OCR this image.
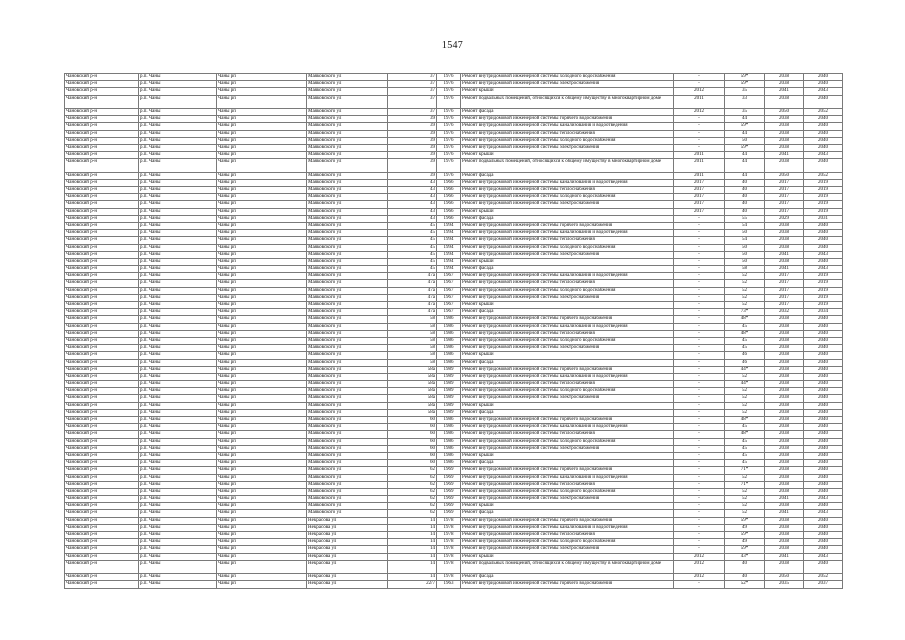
1547
Чановский р-н	р.п. Чаны	Чаны рп	Маяковского ул	37	1976	Ремонт внутридомовой инженерной системы холодного водоснабжения	-	59*	2038	2040
Чановский р-н	р.п. Чаны	Чаны рп	Маяковского ул	37	1976	Ремонт внутридомовой инженерной системы электроснабжения	-	59*	2038	2040
Чановский р-н	р.п. Чаны	Чаны рп	Маяковского ул	37	1976	Ремонт крыши	2012	35	2041	2043
Чановский р-н	р.п. Чаны	Чаны рп	Маяковского ул	37	1976	Ремонт подвальных помещений, относящихся к общему имуществу в многоквартирном доме	2011	33	2038	2040
Чановский р-н	р.п. Чаны	Чаны рп	Маяковского ул	37	1976	Ремонт фасада	2012	35	2050	2052
Чановский р-н	р.п. Чаны	Чаны рп	Маяковского ул	39	1976	Ремонт внутридомовой инженерной системы горячего водоснабжения	-	44	2038	2040
Чановский р-н	р.п. Чаны	Чаны рп	Маяковского ул	39	1976	Ремонт внутридомовой инженерной системы канализования и водоотведения	-	59*	2038	2040
Чановский р-н	р.п. Чаны	Чаны рп	Маяковского ул	39	1976	Ремонт внутридомовой инженерной системы теплоснабжения	-	44	2038	2040
Чановский р-н	р.п. Чаны	Чаны рп	Маяковского ул	39	1976	Ремонт внутридомовой инженерной системы холодного водоснабжения	-	50	2038	2040
Чановский р-н	р.п. Чаны	Чаны рп	Маяковского ул	39	1976	Ремонт внутридомовой инженерной системы электроснабжения	-	59*	2038	2040
Чановский р-н	р.п. Чаны	Чаны рп	Маяковского ул	39	1976	Ремонт крыши	2011	44	2041	2043
Чановский р-н	р.п. Чаны	Чаны рп	Маяковского ул	39	1976	Ремонт подвальных помещений, относящихся к общему имуществу в многоквартирном доме	2011	44	2038	2040
Чановский р-н	р.п. Чаны	Чаны рп	Маяковского ул	39	1976	Ремонт фасада	2011	44	2050	2052
Чановский р-н	р.п. Чаны	Чаны рп	Маяковского ул	43	1966	Ремонт внутридомовой инженерной системы канализования и водоотведения	2017	40	2017	2019
Чановский р-н	р.п. Чаны	Чаны рп	Маяковского ул	43	1966	Ремонт внутридомовой инженерной системы теплоснабжения	2017	40	2017	2019
Чановский р-н	р.п. Чаны	Чаны рп	Маяковского ул	43	1966	Ремонт внутридомовой инженерной системы холодного водоснабжения	2017	40	2017	2019
Чановский р-н	р.п. Чаны	Чаны рп	Маяковского ул	43	1966	Ремонт внутридомовой инженерной системы электроснабжения	2017	40	2017	2019
Чановский р-н	р.п. Чаны	Чаны рп	Маяковского ул	43	1966	Ремонт крыши	2017	40	2017	2019
Чановский р-н	р.п. Чаны	Чаны рп	Маяковского ул	43	1966	Ремонт фасада	-	55	2029	2031
Чановский р-н	р.п. Чаны	Чаны рп	Маяковского ул	45	1994	Ремонт внутридомовой инженерной системы горячего водоснабжения	-	54	2038	2040
Чановский р-н	р.п. Чаны	Чаны рп	Маяковского ул	45	1994	Ремонт внутридомовой инженерной системы канализования и водоотведения	-	50	2038	2040
Чановский р-н	р.п. Чаны	Чаны рп	Маяковского ул	45	1994	Ремонт внутридомовой инженерной системы теплоснабжения	-	54	2038	2040
Чановский р-н	р.п. Чаны	Чаны рп	Маяковского ул	45	1994	Ремонт внутридомовой инженерной системы холодного водоснабжения	-	50	2038	2040
Чановский р-н	р.п. Чаны	Чаны рп	Маяковского ул	45	1994	Ремонт внутридомовой инженерной системы электроснабжения	-	50	2041	2043
Чановский р-н	р.п. Чаны	Чаны рп	Маяковского ул	45	1994	Ремонт крыши	-	50	2038	2040
Чановский р-н	р.п. Чаны	Чаны рп	Маяковского ул	45	1994	Ремонт фасада	-	58	2041	2043
Чановский р-н	р.п. Чаны	Чаны рп	Маяковского ул	47а	1967	Ремонт внутридомовой инженерной системы канализования и водоотведения	-	52	2017	2019
Чановский р-н	р.п. Чаны	Чаны рп	Маяковского ул	47а	1967	Ремонт внутридомовой инженерной системы теплоснабжения	-	52	2017	2019
Чановский р-н	р.п. Чаны	Чаны рп	Маяковского ул	47а	1967	Ремонт внутридомовой инженерной системы холодного водоснабжения	-	52	2017	2019
Чановский р-н	р.п. Чаны	Чаны рп	Маяковского ул	47а	1967	Ремонт внутридомовой инженерной системы электроснабжения	-	52	2017	2019
Чановский р-н	р.п. Чаны	Чаны рп	Маяковского ул	47а	1967	Ремонт крыши	-	52	2017	2019
Чановский р-н	р.п. Чаны	Чаны рп	Маяковского ул	47а	1967	Ремонт фасада	-	73*	2032	2034
Чановский р-н	р.п. Чаны	Чаны рп	Маяковского ул	58	1986	Ремонт внутридомовой инженерной системы горячего водоснабжения	-	48*	2038	2040
Чановский р-н	р.п. Чаны	Чаны рп	Маяковского ул	58	1986	Ремонт внутридомовой инженерной системы канализования и водоотведения	-	45	2038	2040
Чановский р-н	р.п. Чаны	Чаны рп	Маяковского ул	58	1986	Ремонт внутридомовой инженерной системы теплоснабжения	-	48*	2038	2040
Чановский р-н	р.п. Чаны	Чаны рп	Маяковского ул	58	1986	Ремонт внутридомовой инженерной системы холодного водоснабжения	-	45	2038	2040
Чановский р-н	р.п. Чаны	Чаны рп	Маяковского ул	58	1986	Ремонт внутридомовой инженерной системы электроснабжения	-	45	2038	2040
Чановский р-н	р.п. Чаны	Чаны рп	Маяковского ул	58	1986	Ремонт крыши	-	46	2038	2040
Чановский р-н	р.п. Чаны	Чаны рп	Маяковского ул	58	1986	Ремонт фасада	-	46	2038	2040
Чановский р-н	р.п. Чаны	Чаны рп	Маяковского ул	58а	1989	Ремонт внутридомовой инженерной системы горячего водоснабжения	-	44*	2038	2040
Чановский р-н	р.п. Чаны	Чаны рп	Маяковского ул	58а	1989	Ремонт внутридомовой инженерной системы канализования и водоотведения	-	52	2038	2040
Чановский р-н	р.п. Чаны	Чаны рп	Маяковского ул	58а	1989	Ремонт внутридомовой инженерной системы теплоснабжения	-	44*	2038	2040
Чановский р-н	р.п. Чаны	Чаны рп	Маяковского ул	58а	1989	Ремонт внутридомовой инженерной системы холодного водоснабжения	-	52	2038	2040
Чановский р-н	р.п. Чаны	Чаны рп	Маяковского ул	58а	1989	Ремонт внутридомовой инженерной системы электроснабжения	-	52	2038	2040
Чановский р-н	р.п. Чаны	Чаны рп	Маяковского ул	58а	1989	Ремонт крыши	-	52	2038	2040
Чановский р-н	р.п. Чаны	Чаны рп	Маяковского ул	58а	1989	Ремонт фасада	-	52	2038	2040
Чановский р-н	р.п. Чаны	Чаны рп	Маяковского ул	60	1986	Ремонт внутридомовой инженерной системы горячего водоснабжения	-	48*	2038	2040
Чановский р-н	р.п. Чаны	Чаны рп	Маяковского ул	60	1986	Ремонт внутридомовой инженерной системы канализования и водоотведения	-	45	2038	2040
Чановский р-н	р.п. Чаны	Чаны рп	Маяковского ул	60	1986	Ремонт внутридомовой инженерной системы теплоснабжения	-	48*	2038	2040
Чановский р-н	р.п. Чаны	Чаны рп	Маяковского ул	60	1986	Ремонт внутридомовой инженерной системы холодного водоснабжения	-	45	2038	2040
Чановский р-н	р.п. Чаны	Чаны рп	Маяковского ул	60	1986	Ремонт внутридомовой инженерной системы электроснабжения	-	45	2038	2040
Чановский р-н	р.п. Чаны	Чаны рп	Маяковского ул	60	1986	Ремонт крыши	-	45	2038	2040
Чановский р-н	р.п. Чаны	Чаны рп	Маяковского ул	60	1986	Ремонт фасада	-	45	2038	2040
Чановский р-н	р.п. Чаны	Чаны рп	Маяковского ул	62	1969	Ремонт внутридомовой инженерной системы горячего водоснабжения	-	71*	2038	2040
Чановский р-н	р.п. Чаны	Чаны рп	Маяковского ул	62	1969	Ремонт внутридомовой инженерной системы канализования и водоотведения	-	52	2038	2040
Чановский р-н	р.п. Чаны	Чаны рп	Маяковского ул	62	1969	Ремонт внутридомовой инженерной системы теплоснабжения	-	71*	2038	2040
Чановский р-н	р.п. Чаны	Чаны рп	Маяковского ул	62	1969	Ремонт внутридомовой инженерной системы холодного водоснабжения	-	52	2038	2040
Чановский р-н	р.п. Чаны	Чаны рп	Маяковского ул	62	1969	Ремонт внутридомовой инженерной системы электроснабжения	-	52	2041	2043
Чановский р-н	р.п. Чаны	Чаны рп	Маяковского ул	62	1969	Ремонт крыши	-	52	2038	2040
Чановский р-н	р.п. Чаны	Чаны рп	Маяковского ул	62	1969	Ремонт фасада	-	52	2041	2043
Чановский р-н	р.п. Чаны	Чаны рп	Некрасова ул	14	1978	Ремонт внутридомовой инженерной системы горячего водоснабжения	-	59*	2038	2040
Чановский р-н	р.п. Чаны	Чаны рп	Некрасова ул	14	1978	Ремонт внутридомовой инженерной системы канализования и водоотведения	-	49	2038	2040
Чановский р-н	р.п. Чаны	Чаны рп	Некрасова ул	14	1978	Ремонт внутридомовой инженерной системы теплоснабжения	-	59*	2038	2040
Чановский р-н	р.п. Чаны	Чаны рп	Некрасова ул	14	1978	Ремонт внутридомовой инженерной системы холодного водоснабжения	-	49	2038	2040
Чановский р-н	р.п. Чаны	Чаны рп	Некрасова ул	14	1978	Ремонт внутридомовой инженерной системы электроснабжения	-	59*	2038	2040
Чановский р-н	р.п. Чаны	Чаны рп	Некрасова ул	14	1978	Ремонт крыши	2012	43*	2041	2043
Чановский р-н	р.п. Чаны	Чаны рп	Некрасова ул	14	1978	Ремонт подвальных помещений, относящихся к общему имуществу в многоквартирном доме	2012	40	2038	2040
Чановский р-н	р.п. Чаны	Чаны рп	Некрасова ул	14	1978	Ремонт фасада	2012	40	2050	2052
Чановский р-н	р.п. Чаны	Чаны рп	Некрасова ул	22/7	1963	Ремонт внутридомовой инженерной системы горячего водоснабжения	-	52*	2035	2037
